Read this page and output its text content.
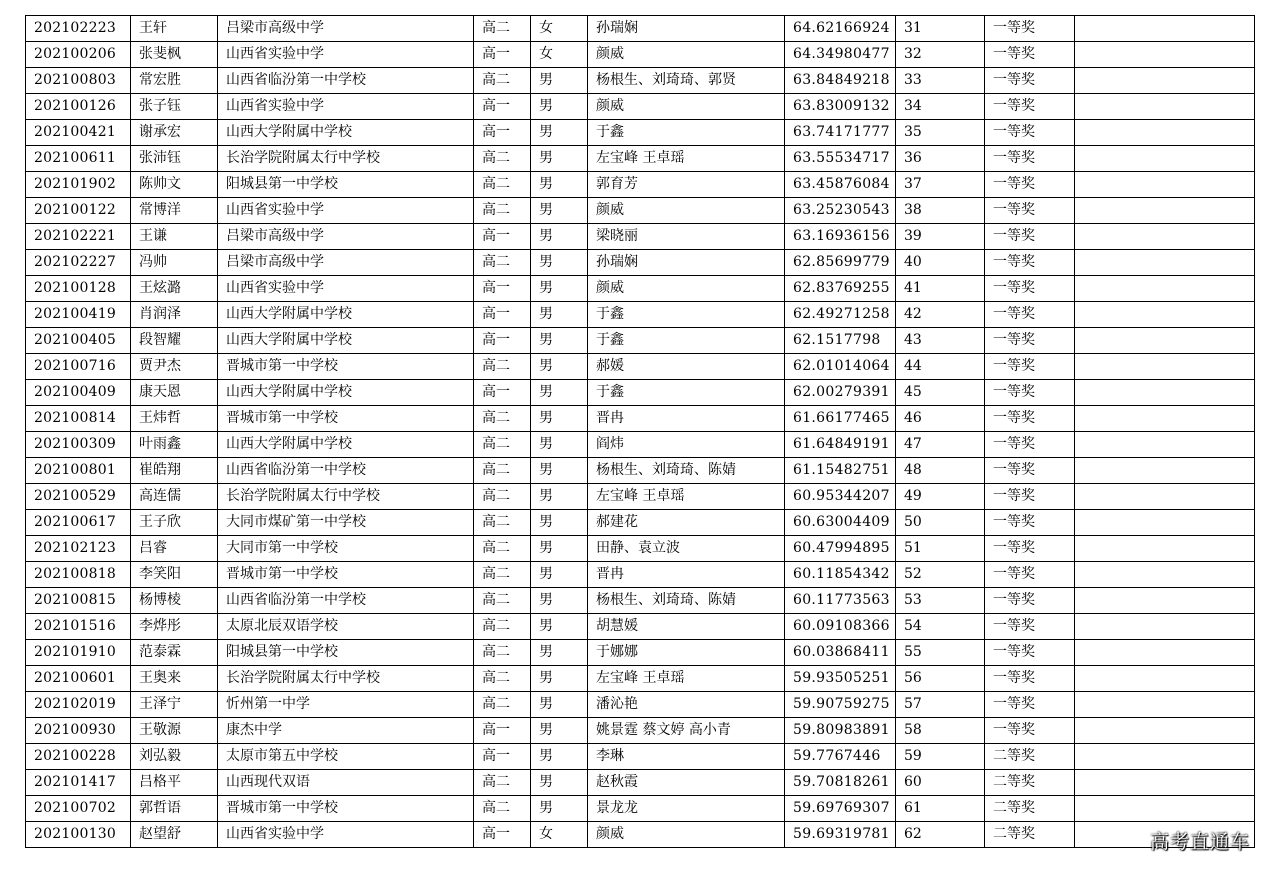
202102223	王轩	吕梁市高级中学	高二	女	孙瑞娴	64.62166924	31	一等奖	
202100206	张斐枫	山西省实验中学	高一	女	颜威	64.34980477	32	一等奖	
202100803	常宏胜	山西省临汾第一中学校	高二	男	杨根生、刘琦琦、郭贤	63.84849218	33	一等奖	
202100126	张子钰	山西省实验中学	高一	男	颜威	63.83009132	34	一等奖	
202100421	谢承宏	山西大学附属中学校	高一	男	于鑫	63.74171777	35	一等奖	
202100611	张沛钰	长治学院附属太行中学校	高二	男	左宝峰 王卓瑶	63.55534717	36	一等奖	
202101902	陈帅文	阳城县第一中学校	高二	男	郭育芳	63.45876084	37	一等奖	
202100122	常博洋	山西省实验中学	高二	男	颜威	63.25230543	38	一等奖	
202102221	王谦	吕梁市高级中学	高一	男	梁晓丽	63.16936156	39	一等奖	
202102227	冯帅	吕梁市高级中学	高二	男	孙瑞娴	62.85699779	40	一等奖	
202100128	王炫潞	山西省实验中学	高一	男	颜威	62.83769255	41	一等奖	
202100419	肖润泽	山西大学附属中学校	高一	男	于鑫	62.49271258	42	一等奖	
202100405	段智耀	山西大学附属中学校	高一	男	于鑫	62.1517798	43	一等奖	
202100716	贾尹杰	晋城市第一中学校	高二	男	郝媛	62.01014064	44	一等奖	
202100409	康天恩	山西大学附属中学校	高一	男	于鑫	62.00279391	45	一等奖	
202100814	王炜哲	晋城市第一中学校	高二	男	晋冉	61.66177465	46	一等奖	
202100309	叶雨鑫	山西大学附属中学校	高二	男	阎炜	61.64849191	47	一等奖	
202100801	崔皓翔	山西省临汾第一中学校	高二	男	杨根生、刘琦琦、陈婧	61.15482751	48	一等奖	
202100529	高连儒	长治学院附属太行中学校	高二	男	左宝峰 王卓瑶	60.95344207	49	一等奖	
202100617	王子欣	大同市煤矿第一中学校	高二	男	郝建花	60.63004409	50	一等奖	
202102123	吕睿	大同市第一中学校	高二	男	田静、袁立波	60.47994895	51	一等奖	
202100818	李笑阳	晋城市第一中学校	高二	男	晋冉	60.11854342	52	一等奖	
202100815	杨博棱	山西省临汾第一中学校	高二	男	杨根生、刘琦琦、陈婧	60.11773563	53	一等奖	
202101516	李烨彤	太原北辰双语学校	高二	男	胡慧媛	60.09108366	54	一等奖	
202101910	范泰霖	阳城县第一中学校	高二	男	于娜娜	60.03868411	55	一等奖	
202100601	王奥来	长治学院附属太行中学校	高二	男	左宝峰 王卓瑶	59.93505251	56	一等奖	
202102019	王泽宁	忻州第一中学	高二	男	潘沁艳	59.90759275	57	一等奖	
202100930	王敬源	康杰中学	高一	男	姚景霆 蔡文婷 高小青	59.80983891	58	一等奖	
202100228	刘弘毅	太原市第五中学校	高一	男	李琳	59.7767446	59	二等奖	
202101417	吕格平	山西现代双语	高二	男	赵秋霞	59.70818261	60	二等奖	
202100702	郭哲语	晋城市第一中学校	高二	男	景龙龙	59.69769307	61	二等奖	
202100130	赵望舒	山西省实验中学	高一	女	颜威	59.69319781	62	二等奖		高考直通车
